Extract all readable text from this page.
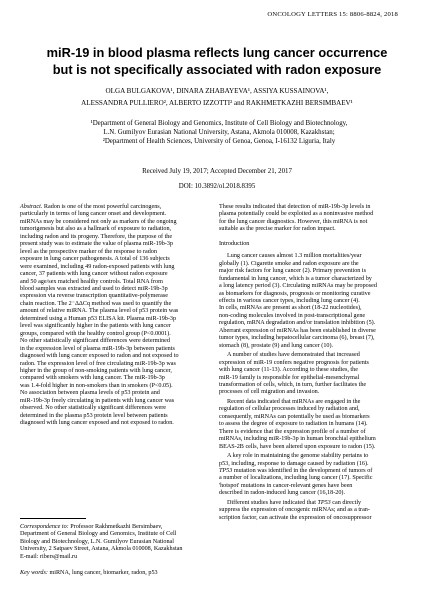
ONCOLOGY LETTERS 15: 8806-8824, 2018
miR-19 in blood plasma reflects lung cancer occurrence
but is not specifically associated with radon exposure
OLGA BULGAKOVA¹, DINARA ZHABAYEVA¹, ASSIYA KUSSAINOVA¹,
ALESSANDRA PULLIERO², ALBERTO IZZOTTI² and RAKHMETKAZHI BERSIMBAEV¹

¹Department of General Biology and Genomics, Institute of Cell Biology and Biotechnology,

L.N. Gumilyov Eurasian National University, Astana, Akmola 010008, Kazakhstan;

²Department of Health Sciences, University of Genoa, Genoa, I-16132 Liguria, Italy

Received July 19, 2017; Accepted December 21, 2017
DOI: 10.3892/ol.2018.8395

Abstract. Radon is one of the most powerful carcinogens,

particularly in terms of lung cancer onset and development.

miRNAs may be considered not only as markers of the ongoing

tumorigenesis but also as a hallmark of exposure to radiation,

including radon and its progeny. Therefore, the purpose of the

present study was to estimate the value of plasma miR-19b-3p

level as the prospective marker of the response to radon

exposure in lung cancer pathogenesis. A total of 136 subjects

were examined, including 49 radon-exposed patients with lung

cancer, 37 patients with lung cancer without radon exposure

and 50 age/sex matched healthy controls. Total RNA from

blood samples was extracted and used to detect miR-19b-3p

expression via reverse transcription quantitative-polymerase

chain reaction. The 2⁻ΔΔCq method was used to quantify the

amount of relative miRNA. The plasma level of p53 protein was

determined using a Human p53 ELISA kit. Plasma miR-19b-3p

level was significantly higher in the patients with lung cancer

groups, compared with the healthy control group (P<0.0001).

No other statistically significant differences were determined

in the expression level of plasma miR-19b-3p between patients

diagnosed with lung cancer exposed to radon and not exposed to

radon. The expression level of free circulating miR-19b-3p was

higher in the group of non-smoking patients with lung cancer,

compared with smokers with lung cancer. The miR-19b-3p

was 1.4-fold higher in non-smokers than in smokers (P<0.05).

No association between plasma levels of p53 protein and

miR-19b-3p freely circulating in patients with lung cancer was

observed. No other statistically significant differences were

determined in the plasma p53 protein level between patients

diagnosed with lung cancer exposed and not exposed to radon.

These results indicated that detection of miR-19b-3p levels in

plasma potentially could be exploited as a noninvasive method

for the lung cancer diagnostics. However, this miRNA is not

suitable as the precise marker for radon impact.

Introduction

Lung cancer causes almost 1.3 million mortalities/year

globally (1). Cigarette smoke and radon exposure are the

major risk factors for lung cancer (2). Primary prevention is

fundamental in lung cancer, which is a tumor characterized by

a long latency period (3). Circulating miRNAs may be proposed

as biomarkers for diagnosis, prognosis or monitoring curative

effects in various cancer types, including lung cancer (4).

In cells, miRNAs are present as short (18-22 nucleotides),

non-coding molecules involved in post-transcriptional gene

regulation, mRNA degradation and/or translation inhibition (5).

Aberrant expression of miRNAs has been established in diverse

tumor types, including hepatocellular carcinoma (6), breast (7),

stomach (8), prostate (9) and lung cancer (10).

A number of studies have demonstrated that increased

expression of miR-19 confers negative prognosis for patients

with lung cancer (11-13). According to these studies, the

miR-19 family is responsible for epithelial-mesenchymal

transformation of cells, which, in turn, further facilitates the

processes of cell migration and invasion.

Recent data indicated that miRNAs are engaged in the

regulation of cellular processes induced by radiation and,

consequently, miRNAs can potentially be used as biomarkers

to assess the degree of exposure to radiation in humans (14).

There is evidence that the expression profile of a number of

miRNAs, including miR-19b-3p in human bronchial epithelium

BEAS-2B cells, have been altered upon exposure to radon (15).

A key role in maintaining the genome stability pertains to

p53, including, response to damage caused by radiation (16).

TP53 mutation was identified in the development of tumors of

a number of localizations, including lung cancer (17). Specific

'hotspot' mutations in cancer-relevant genes have been

described in radon-induced lung cancer (16,18-20).

Different studies have indicated that TP53 can directly

suppress the expression of oncogenic miRNAs; and as a tran-

scription factor, can activate the expression of oncosuppressor

Correspondence to: Professor Rakhmetkazhi Bersimbaev,

Department of General Biology and Genomics, Institute of Cell

Biology and Biotechnology, L.N. Gumilyov Eurasian National

University, 2 Satpaev Street, Astana, Akmola 010008, Kazakhstan

E-mail: ribers@mail.ru

Key words: miRNA, lung cancer, biomarker, radon, p53
